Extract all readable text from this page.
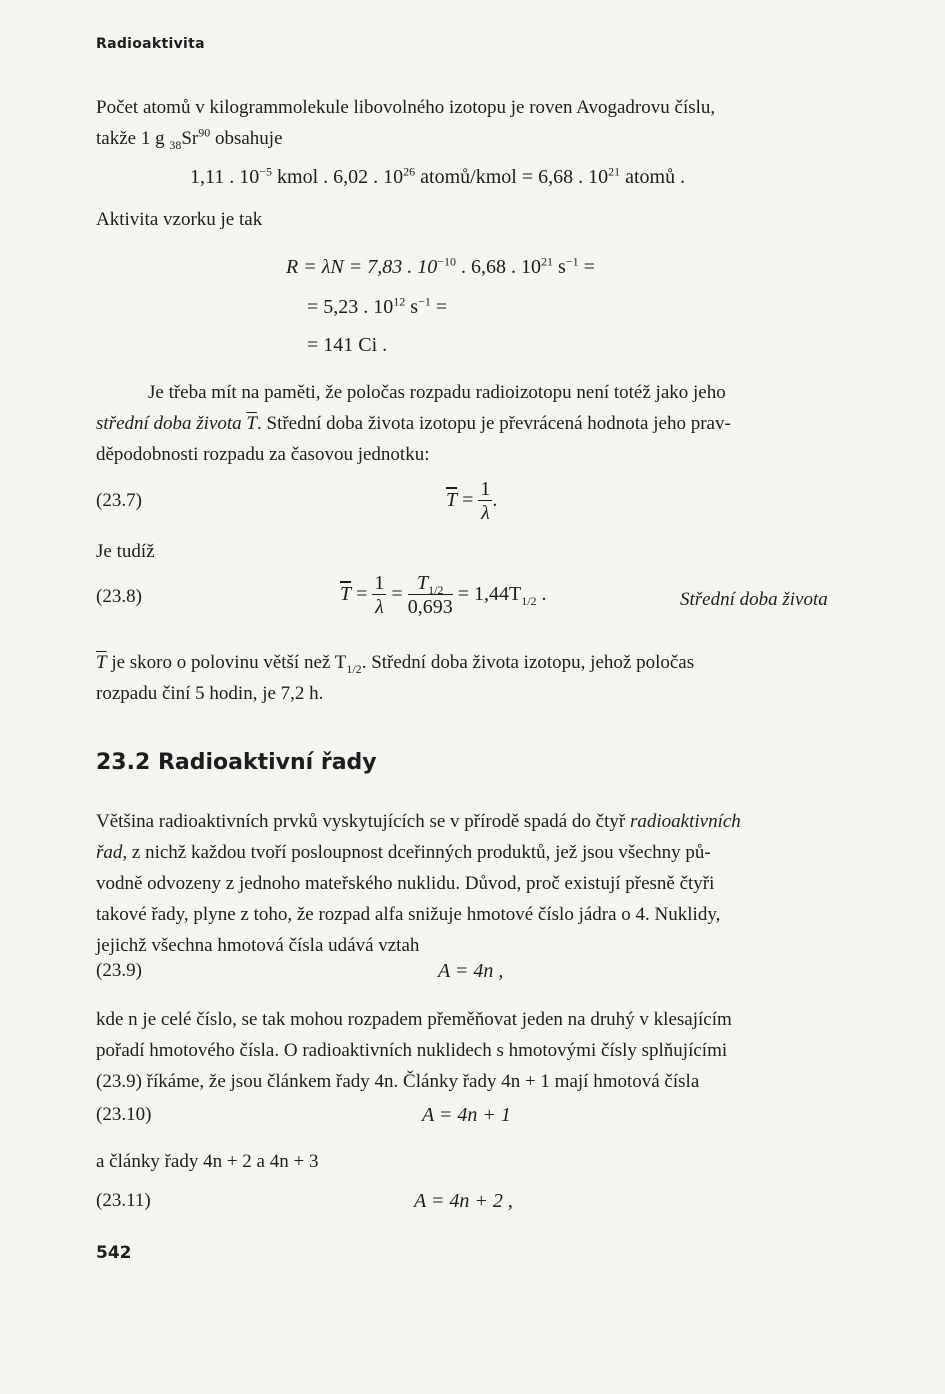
Radioaktivita
Počet atomů v kilogrammolekule libovolného izotopu je roven Avogadrovu číslu,
takže 1 g $_{38}Sr^{90}$ obsahuje
1,11 . $10^{-5}$ kmol . 6,02 . $10^{26}$ atomů/kmol = 6,68 . $10^{21}$ atomů .
Aktivita vzorku je tak
R = λN = 7,83 . $10^{-10}$ . 6,68 . $10^{21}$ $s^{-1}$ =
= 5,23 . $10^{12}$ $s^{-1}$ =
= 141 Ci .
Je třeba mít na paměti, že poločas rozpadu radioizotopu není totéž jako jeho
střední doba života $\overline{T}$. Střední doba života izotopu je převrácená hodnota jeho prav-
děpodobnosti rozpadu za časovou jednotku:
(23.7)	$\overline{T} = \frac{1}{\lambda}$ .
Je tudíž
(23.8)	$\overline{T} = \frac{1}{\lambda} = \frac{T_{1/2}}{0,693} = 1,44T_{1/2}$ .	Střední doba života
$\overline{T}$ je skoro o polovinu větší než $T_{1/2}$. Střední doba života izotopu, jehož poločas
rozpadu činí 5 hodin, je 7,2 h.
23.2 Radioaktivní řady
Většina radioaktivních prvků vyskytujících se v přírodě spadá do čtyř radioaktivních
řad, z nichž každou tvoří posloupnost dceřinných produktů, jež jsou všechny pů-
vodně odvozeny z jednoho mateřského nuklidu. Důvod, proč existují přesně čtyři
takové řady, plyne z toho, že rozpad alfa snižuje hmotové číslo jádra o 4. Nuklidy,
jejichž všechna hmotová čísla udává vztah
(23.9)	A = 4n ,
kde n je celé číslo, se tak mohou rozpadem přeměňovat jeden na druhý v klesajícím
pořadí hmotového čísla. O radioaktivních nuklidech s hmotovými čísly splňujícími
(23.9) říkáme, že jsou článkem řady 4n. Články řady 4n + 1 mají hmotová čísla
(23.10)	A = 4n + 1
a články řady 4n + 2 a 4n + 3
(23.11)	A = 4n + 2 ,
542
